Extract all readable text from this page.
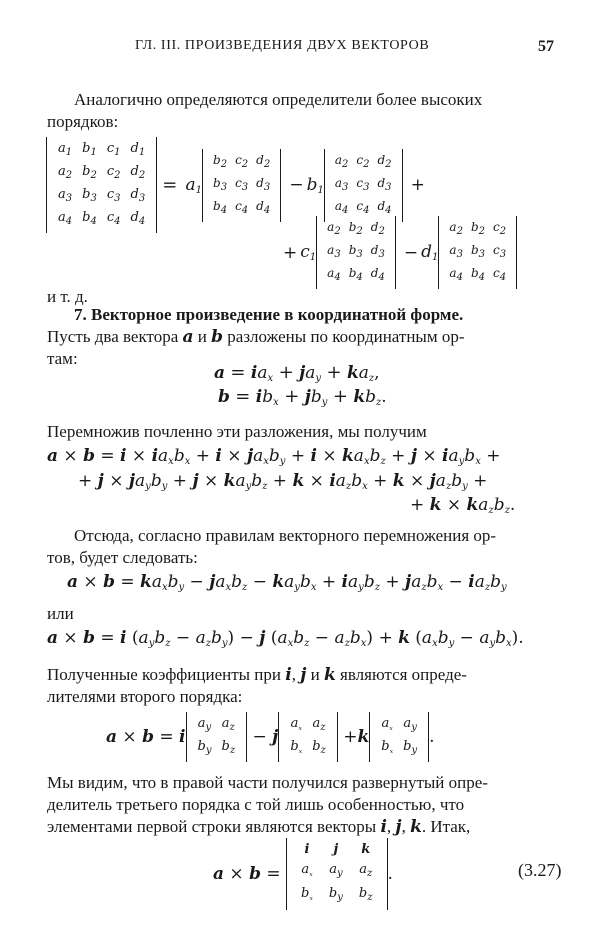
ГЛ. III. ПРОИЗВЕДЕНИЯ ДВУХ ВЕКТОРОВ	57
Аналогично определяются определители более высоких
порядков:
$a_1$	$b_1$	$c_1$	$d_1$
$a_2$	$b_2$	$c_2$	$d_2$
$a_3$	$b_3$	$c_3$	$d_3$
$a_4$	$b_4$	$c_4$	$d_4$
= $a_1$
$b_2$	$c_2$	$d_2$
$b_3$	$c_3$	$d_3$
$b_4$	$c_4$	$d_4$
− $b_1$
$a_2$	$c_2$	$d_2$
$a_3$	$c_3$	$d_3$
$a_4$	$c_4$	$d_4$
+
+ $c_1$
$a_2$	$b_2$	$d_2$
$a_3$	$b_3$	$d_3$
$a_4$	$b_4$	$d_4$
− $d_1$
$a_2$	$b_2$	$c_2$
$a_3$	$b_3$	$c_3$
$a_4$	$b_4$	$c_4$
и т. д.
7. Векторное произведение в координатной форме.
Пусть два вектора a и b разложены по координатным ор-
там:
$a = ia_x + ja_y + ka_z$,
$b = ib_x + jb_y + kb_z$.
Перемножив почленно эти разложения, мы получим
$a \times b = i \times ia_xb_x + i \times ja_xb_y + i \times ka_xb_z + j \times ia_yb_x$ +
+ $j \times ja_yb_y + j \times ka_yb_z + k \times ia_zb_x + k \times ja_zb_y$ +
+ $k \times ka_zb_z$.
Отсюда, согласно правилам векторного перемножения ор-
тов, будет следовать:
$a \times b = ka_xb_y - ja_xb_z - ka_yb_x + ia_yb_z + ja_zb_x - ia_zb_y$
или
a × b = i $(a_yb_z - a_zb_y) - j$ $(a_xb_z - a_zb_x) + k$ $(a_xb_y - a_yb_x)$.
Полученные коэффициенты при i, j и k являются опреде-
лителями второго порядка:
a × b = i
$a_y$	$a_z$
$b_y$	$b_z$
− j
$a_{_x}$	$a_z$
$b_{_x}$	$b_z$
+k
$a_{_x}$	$a_y$
$b_{_x}$	$b_y$
.
Мы видим, что в правой части получился развернутый опре-
делитель третьего порядка с той лишь особенностью, что
элементами первой строки являются векторы i, j, k. Итак,
a × b =
i	j	k
$a_{_x}$	$a_y$	$a_z$
$b_{_x}$	$b_y$	$b_z$
.	(3.27)
